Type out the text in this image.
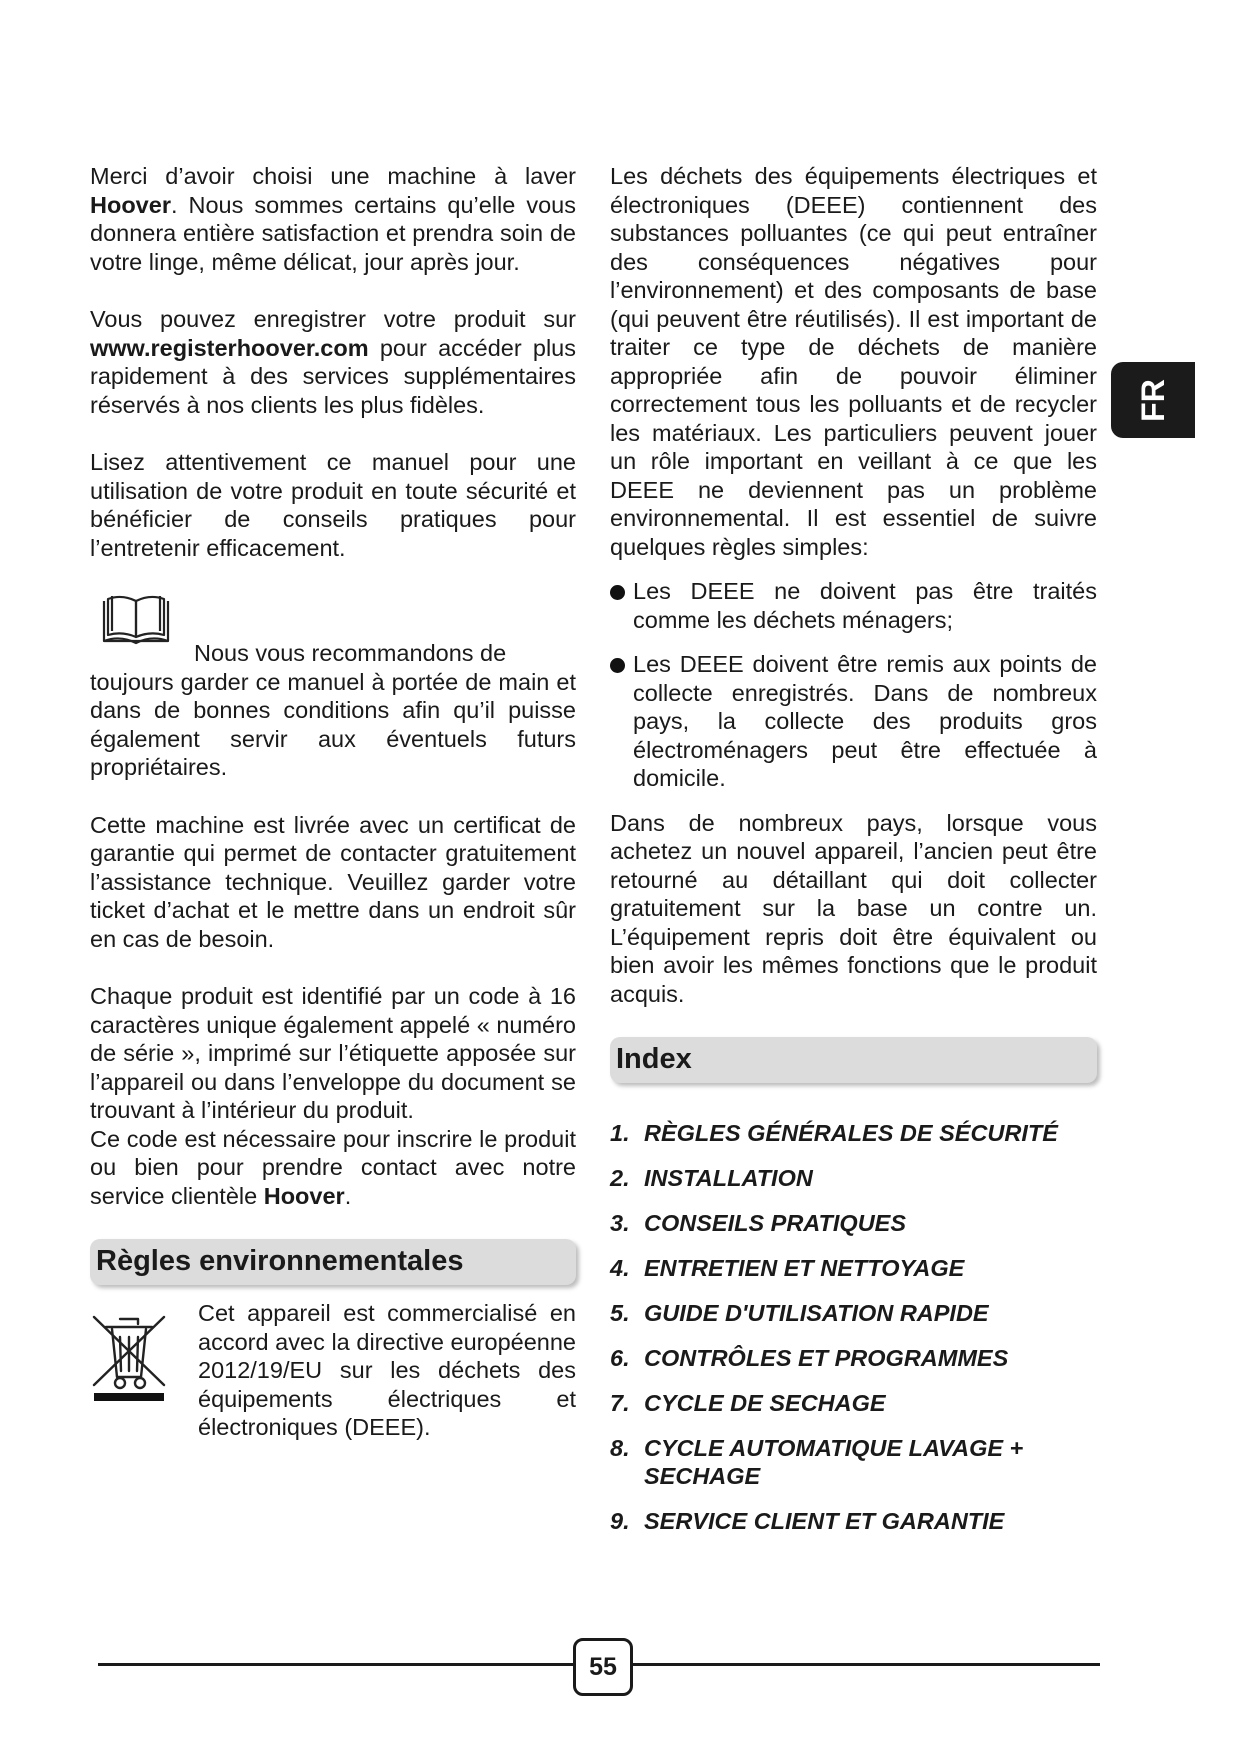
Merci d’avoir choisi une machine à laver Hoover. Nous sommes certains qu’elle vous donnera entière satisfaction et prendra soin de votre linge, même délicat, jour après jour.

Vous pouvez enregistrer votre produit sur www.registerhoover.com pour accéder plus rapidement à des services supplémentaires réservés à nos clients les plus fidèles.

Lisez attentivement ce manuel pour une utilisation de votre produit en toute sécurité et bénéficier de conseils pratiques pour l’entretenir efficacement.

Nous vous recommandons de
toujours garder ce manuel à portée de main et dans de bonnes conditions afin qu’il puisse également servir aux éventuels futurs propriétaires.

Cette machine est livrée avec un certificat de garantie qui permet de contacter gratuitement l’assistance technique. Veuillez garder votre ticket d’achat et le mettre dans un endroit sûr en cas de besoin.

Chaque produit est identifié par un code à 16 caractères unique également appelé « numéro de série », imprimé sur l’étiquette apposée sur l’appareil ou dans l’enveloppe du document se trouvant à l’intérieur du produit.

Ce code est nécessaire pour inscrire le produit ou bien pour prendre contact avec notre service clientèle Hoover.

Règles environnementales

Cet appareil est commercialisé en accord avec la directive européenne 2012/19/EU sur les déchets des équipements électriques et électroniques (DEEE).

Les déchets des équipements électriques et électroniques (DEEE) contiennent des substances polluantes (ce qui peut entraîner des conséquences négatives pour l’environnement) et des composants de base (qui peuvent être réutilisés). Il est important de traiter ce type de déchets de manière appropriée afin de pouvoir éliminer correctement tous les polluants et de recycler les matériaux. Les particuliers peuvent jouer un rôle important en veillant à ce que les DEEE ne deviennent pas un problème environnemental. Il est essentiel de suivre quelques règles simples:

Les DEEE ne doivent pas être traités comme les déchets ménagers;
Les DEEE doivent être remis aux points de collecte enregistrés. Dans de nombreux pays, la collecte des produits gros électroménagers peut être effectuée à domicile.

Dans de nombreux pays, lorsque vous achetez un nouvel appareil, l’ancien peut être retourné au détaillant qui doit collecter gratuitement sur la base un contre un. L’équipement repris doit être équivalent ou bien avoir les mêmes fonctions que le produit acquis.

Index
1 . RÈGLES GÉNÉRALES DE SÉCURITÉ
2 . INSTALLATION
3 . CONSEILS PRATIQUES
4 . ENTRETIEN ET NETTOYAGE
5 . GUIDE D'UTILISATION RAPIDE
6 . CONTRÔLES ET PROGRAMMES
7 . CYCLE DE SECHAGE
8 . CYCLE AUTOMATIQUE LAVAGE + SECHAGE
9 . SERVICE CLIENT ET GARANTIE
FR
55
